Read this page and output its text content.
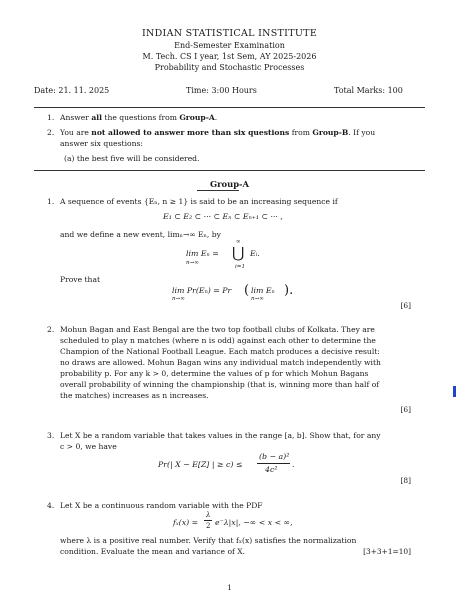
INDIAN STATISTICAL INSTITUTE
End-Semester Examination
M. Tech. CS I year, 1st Sem, AY 2025-2026
Probability and Stochastic Processes
Date: 21. 11. 2025	Time: 3:00 Hours	Total Marks: 100
1. Answer all the questions from Group-A.
2. You are not allowed to answer more than six questions from Group-B. If you
answer six questions:
(a) the best five will be considered.
Group-A
1. A sequence of events {Eₙ, n ≥ 1} is said to be an increasing sequence if
E₁ ⊂ E₂ ⊂ ··· ⊂ Eₙ ⊂ Eₙ₊₁ ⊂ ··· ,
and we define a new event, limₙ→∞ Eₙ, by
lim Eₙ =
n→∞
∞
⋃
i=1
Eᵢ.
Prove that
lim Pr(Eₙ) = Pr
n→∞
( lim Eₙ
n→∞
).
[6]
2. Mohun Bagan and East Bengal are the two top football clubs of Kolkata. They are
scheduled to play n matches (where n is odd) against each other to determine the
Champion of the National Football League. Each match produces a decisive result:
no draws are allowed. Mohun Bagan wins any individual match independently with
probability p. For any k > 0, determine the values of p for which Mohun Bagans
overall probability of winning the championship (that is, winning more than half of
the matches) increases as n increases.
[6]
3. Let X be a random variable that takes values in the range [a, b]. Show that, for any
c > 0, we have
Pr(| X − E[Z] | ≥ c) ≤
(b − a)²
4c²
.
[8]
4. Let X be a continuous random variable with the PDF
fₓ(x) =
λ
2 e⁻λ|x|, −∞ < x < ∞,
where λ is a positive real number. Verify that fₓ(x) satisfies the normalization
condition. Evaluate the mean and variance of X.	[3+3+1=10]
1
